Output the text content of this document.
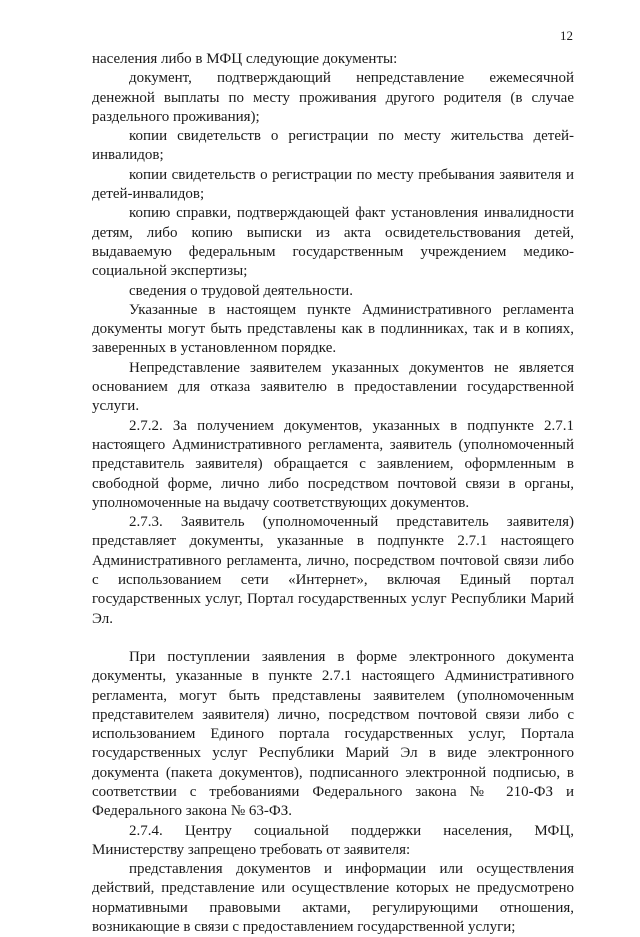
12

населения либо в МФЦ следующие документы:

документ, подтверждающий непредставление ежемесячной денежной выплаты по месту проживания другого родителя (в случае раздельного проживания);

копии свидетельств о регистрации по месту жительства детей-инвалидов;

копии свидетельств о регистрации по месту пребывания заявителя и детей-инвалидов;

копию справки, подтверждающей факт установления инвалидности детям, либо копию выписки из акта освидетельствования детей, выдаваемую федеральным государственным учреждением медико-социальной экспертизы;

сведения о трудовой деятельности.

Указанные в настоящем пункте Административного регламента документы могут быть представлены как в подлинниках, так и в копиях, заверенных в установленном порядке.

Непредставление заявителем указанных документов не является основанием для отказа заявителю в предоставлении государственной услуги.

2.7.2. За получением документов, указанных в подпункте 2.7.1 настоящего Административного регламента, заявитель (уполномоченный представитель заявителя) обращается с заявлением, оформленным в свободной форме, лично либо посредством почтовой связи в органы, уполномоченные на выдачу соответствующих документов.

2.7.3. Заявитель (уполномоченный представитель заявителя) представляет документы, указанные в подпункте 2.7.1 настоящего Административного регламента, лично, посредством почтовой связи либо с использованием сети «Интернет», включая Единый портал государственных услуг, Портал государственных услуг Республики Марий Эл.

При поступлении заявления в форме электронного документа документы, указанные в пункте 2.7.1 настоящего Административного регламента, могут быть представлены заявителем (уполномоченным представителем заявителя) лично, посредством почтовой связи либо с использованием Единого портала государственных услуг, Портала государственных услуг Республики Марий Эл в виде электронного документа (пакета документов), подписанного электронной подписью, в соответствии с требованиями Федерального закона № 210-ФЗ и Федерального закона № 63-ФЗ.

2.7.4. Центру социальной поддержки населения, МФЦ, Министерству запрещено требовать от заявителя:

представления документов и информации или осуществления действий, представление или осуществление которых не предусмотрено нормативными правовыми актами, регулирующими отношения, возникающие в связи с предоставлением государственной услуги;
